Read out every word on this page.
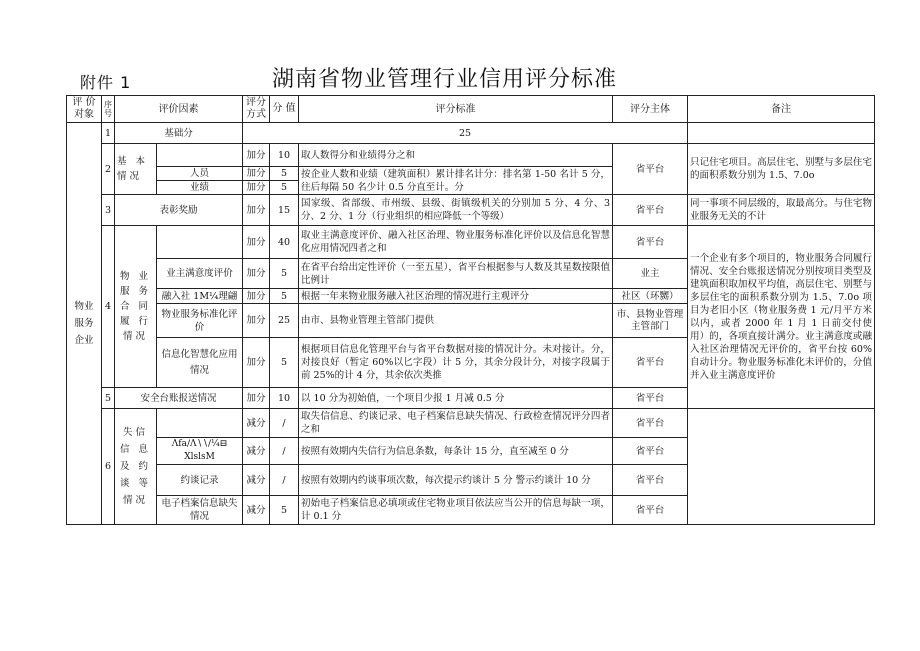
附件 1	湖南省物业管理行业信用评分标准
评 价 对象	序号	评价因素		评分方式	分 值	评分标准	评分主体	备注
物业 服务 企业	1	基础分		25				
	2	基 本 情况		加分	10	取人数得分和业绩得分之和	省平台	只记住宅项目。高层住宅、别墅与多层住宅的面积系数分别为 1.5、7.0o
			人员	加分	5	按企业人数和业绩（建筑面积）累计排名计分：排名第 1-50 名计 5 分，往后每隔 50 名少计 0.5 分直至计。分		
			业绩	加分	5			
	3	表彰奖励		加分	15	国家级、省部级、市州级、县级、街镇级机关的分别加 5 分、4 分、3 分、2 分、1 分（行业组织的相应降低一个等级）	省平台	同一事项不同层级的，取最高分。与住宅物业服务无关的不计
	4	物 业 服 务 合 同 履 行 情况		加分	40	取业主满意度评价、融入社区治理、物业服务标准化评价以及信息化智慧化应用情况四者之和	省平台	一个企业有多个项目的，物业服务合同履行情况、安全台账报送情况分别按项目类型及建筑面积取加权平均值，高层住宅、别墅与多层住宅的面积系数分别为 1.5、7.0o 项目为老旧小区（物业服务费 1 元/月平方米以内，或者 2000 年 1 月 1 日前交付使用）的，各项直接计满分。业主满意度或融入社区治理情况无评价的，省平台按 60%自动计分。物业服务标准化未评价的，分值并入业主满意度评价
			业主满意度评价	加分	5	在省平台给出定性评价（一至五星），省平台根据参与人数及其星数按限值比例计	业主	
			融入社 1M¼理翩	加分	5	根据一年来物业服务融入社区治理的情况进行主观评分	社区（环嬲）	
			物业服务标准化评价	加分	25	由市、县物业管理主管部门提供	市、县物业管理主管部门	
			信息化智慧化应用情况	加分	5	根据项目信息化管理平台与省平台数据对接的情况计分。未对接计。分，对接良好（暂定 60%以匕字段）计 5 分，其余分段计分，对接字段属于前 25%的计 4 分，其余依次类推	省平台	
	5	安全台账报送情况		加分	10	以 10 分为初始值，一个项目少报 1 月减 0.5 分	省平台	
	6	失信 信 息 及 约 谈 等 情况		减分	/	取失信信息、约谈记录、电子档案信息缺失情况、行政检查情况评分四者之和	省平台	
			Λfa∕Λ∖∖∕¼⊟ XlslsM	减分	/	按照有效期内失信行为信息条数，每条计 15 分，直至减至 0 分	省平台	
			约谈记录	减分	/	按照有效期内约谈事项次数，每次提示约谈计 5 分 警示约谈计 10 分	省平台	
			电子档案信息缺失情况	减分	5	初始电子档案信息必填项或住宅物业项目依法应当公开的信息每缺一项，计 0.1 分	省平台	
